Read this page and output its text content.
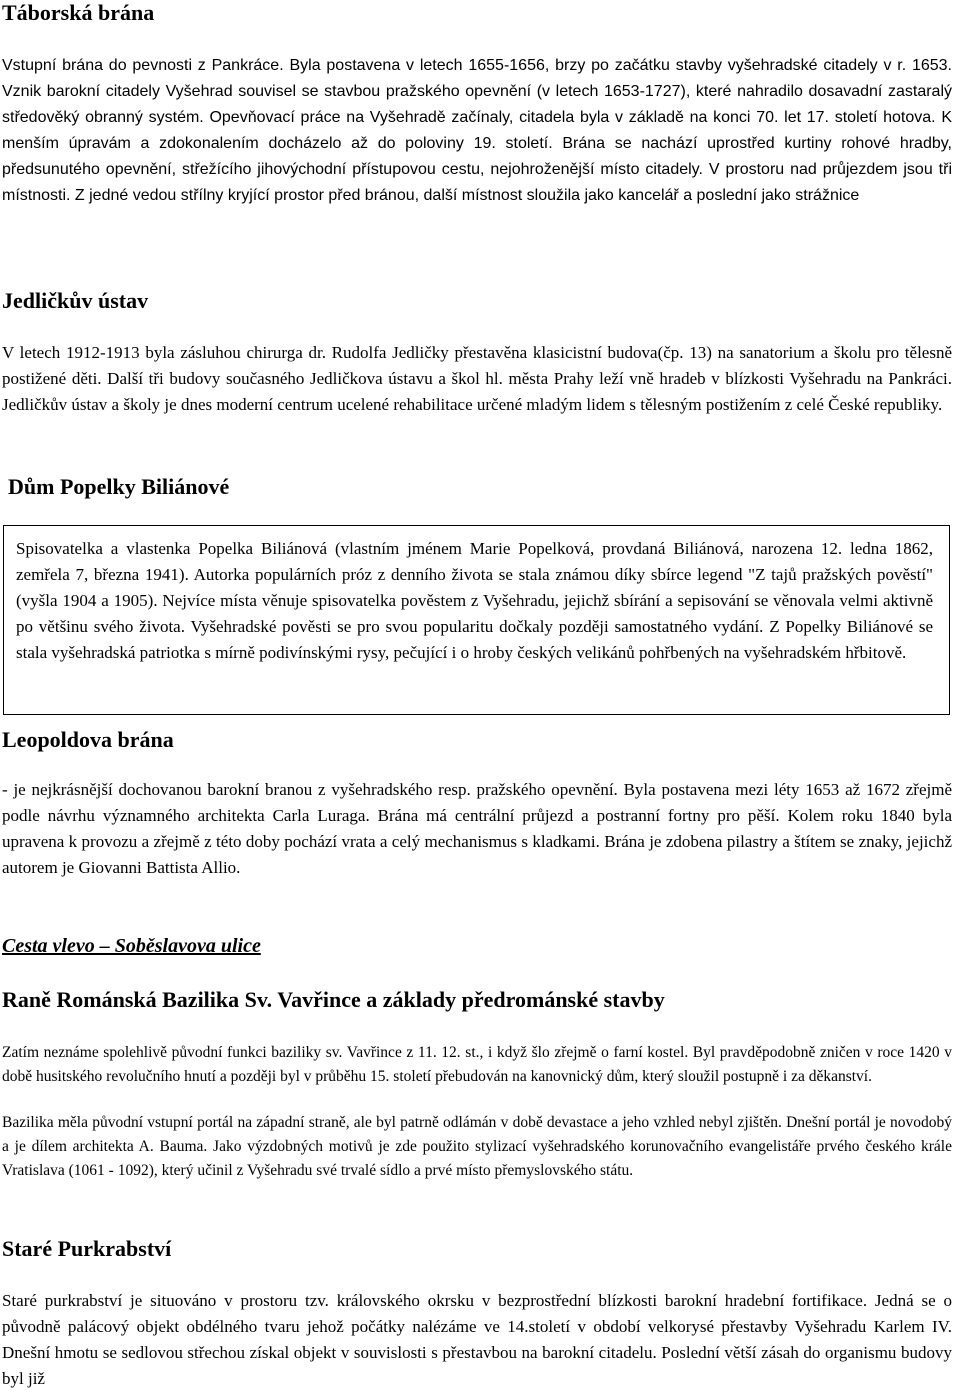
Táborská brána

Vstupní brána do pevnosti z Pankráce. Byla postavena v letech 1655-1656, brzy po začátku stavby vyšehradské citadely v r. 1653. Vznik barokní citadely Vyšehrad souvisel se stavbou pražského opevnění (v letech 1653-1727), které nahradilo dosavadní zastaralý středověký obranný systém. Opevňovací práce na Vyšehradě začínaly, citadela byla v základě na konci 70. let 17. století hotova. K menším úpravám a zdokonalením docházelo až do poloviny 19. století. Brána se nachází uprostřed kurtiny rohové hradby, předsunutého opevnění, střežícího jihovýchodní přístupovou cestu, nejohroženější místo citadely. V prostoru nad průjezdem jsou tři místnosti. Z jedné vedou střílny kryjící prostor před bránou, další místnost sloužila jako kancelář a poslední jako strážnice

Jedličkův ústav

V letech 1912-1913 byla zásluhou chirurga dr. Rudolfa Jedličky přestavěna klasicistní budova(čp. 13) na sanatorium a školu pro tělesně postižené děti. Další tři budovy současného Jedličkova ústavu a škol hl. města Prahy leží vně hradeb v blízkosti Vyšehradu na Pankráci. Jedličkův ústav a školy je dnes moderní centrum ucelené rehabilitace určené mladým lidem s tělesným postižením z celé České republiky.

Dům Popelky Biliánové

Spisovatelka a vlastenka Popelka Biliánová (vlastním jménem Marie Popelková, provdaná Biliánová, narozena 12. ledna 1862, zemřela 7, března 1941). Autorka populárních próz z denního života se stala známou díky sbírce legend "Z tajů pražských pověstí" (vyšla 1904 a 1905). Nejvíce místa věnuje spisovatelka pověstem z Vyšehradu, jejichž sbírání a sepisování se věnovala velmi aktivně po většinu svého života. Vyšehradské pověsti se pro svou popularitu dočkaly později samostatného vydání. Z Popelky Biliánové se stala vyšehradská patriotka s mírně podivínskými rysy, pečující i o hroby českých velikánů pohřbených na vyšehradském hřbitově.

Leopoldova brána

- je nejkrásnější dochovanou barokní branou z vyšehradského resp. pražského opevnění. Byla postavena mezi léty 1653 až 1672 zřejmě podle návrhu významného architekta Carla Luraga. Brána má centrální průjezd a postranní fortny pro pěší. Kolem roku 1840 byla upravena k provozu a zřejmě z této doby pochází vrata a celý mechanismus s kladkami. Brána je zdobena pilastry a štítem se znaky, jejichž autorem je Giovanni Battista Allio.

Cesta vlevo – Soběslavova ulice
Raně Románská Bazilika Sv. Vavřince a základy předrománské stavby

Zatím neznáme spolehlivě původní funkci baziliky sv. Vavřince z 11. 12. st., i když šlo zřejmě o farní kostel. Byl pravděpodobně zničen v roce 1420 v době husitského revolučního hnutí a později byl v průběhu 15. století přebudován na kanovnický dům, který sloužil postupně i za děkanství.

Bazilika měla původní vstupní portál na západní straně, ale byl patrně odlámán v době devastace a jeho vzhled nebyl zjištěn. Dnešní portál je novodobý a je dílem architekta A. Bauma. Jako výzdobných motivů je zde použito stylizací vyšehradského korunovačního evangelistáře prvého českého krále Vratislava (1061 - 1092), který učinil z Vyšehradu své trvalé sídlo a prvé místo přemyslovského státu.

Staré Purkrabství

Staré purkrabství je situováno v prostoru tzv. královského okrsku v bezprostřední blízkosti barokní hradební fortifikace. Jedná se o původně palácový objekt obdélného tvaru jehož počátky nalézáme ve 14.století v období velkorysé přestavby Vyšehradu Karlem IV. Dnešní hmotu se sedlovou střechou získal objekt v souvislosti s přestavbou na barokní citadelu. Poslední větší zásah do organismu budovy byl již
